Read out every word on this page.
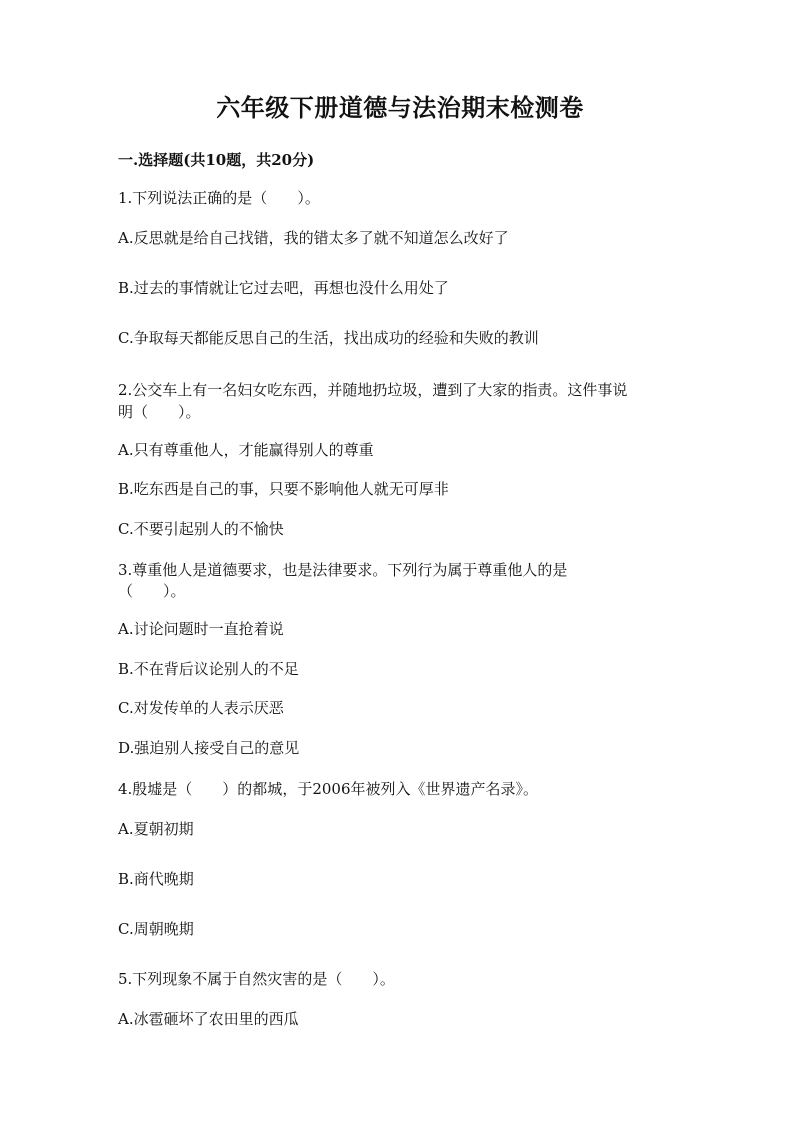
六年级下册道德与法治期末检测卷
一.选择题(共10题，共20分)
1.下列说法正确的是（　　）。
A.反思就是给自己找错，我的错太多了就不知道怎么改好了
B.过去的事情就让它过去吧，再想也没什么用处了
C.争取每天都能反思自己的生活，找出成功的经验和失败的教训
2.公交车上有一名妇女吃东西，并随地扔垃圾，遭到了大家的指责。这件事说
明（　　）。
A.只有尊重他人，才能赢得别人的尊重
B.吃东西是自己的事，只要不影响他人就无可厚非
C.不要引起别人的不愉快
3.尊重他人是道德要求，也是法律要求。下列行为属于尊重他人的是
（　　）。
A.讨论问题时一直抢着说
B.不在背后议论别人的不足
C.对发传单的人表示厌恶
D.强迫别人接受自己的意见
4.殷墟是（　　）的都城，于2006年被列入《世界遗产名录》。
A.夏朝初期
B.商代晚期
C.周朝晚期
5.下列现象不属于自然灾害的是（　　）。
A.冰雹砸坏了农田里的西瓜
